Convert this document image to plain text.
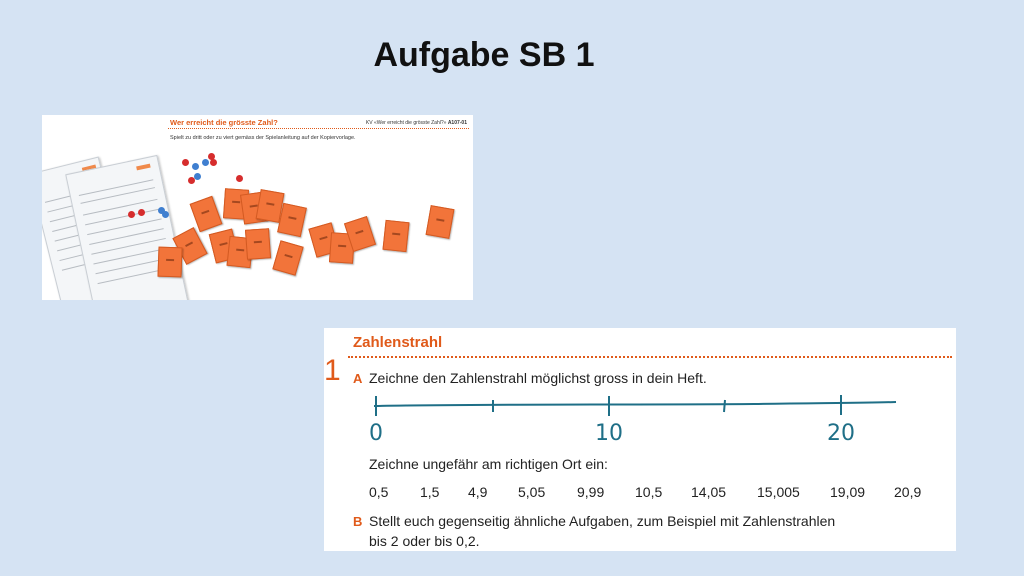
Aufgabe SB 1
Wer erreicht die grösste Zahl?	KV «Wer erreicht die grösste Zahl?» A107-01
Spielt zu dritt oder zu viert gemäss der Spielanleitung auf der Kopiervorlage.
Zahlenstrahl
1 A Zeichne den Zahlenstrahl möglichst gross in dein Heft.
0	10	20
Zeichne ungefähr am richtigen Ort ein:
0,5 1,5 4,9 5,05 9,99 10,5 14,05 15,005 19,09 20,9
B Stellt euch gegenseitig ähnliche Aufgaben, zum Beispiel mit Zahlenstrahlen
bis 2 oder bis 0,2.
